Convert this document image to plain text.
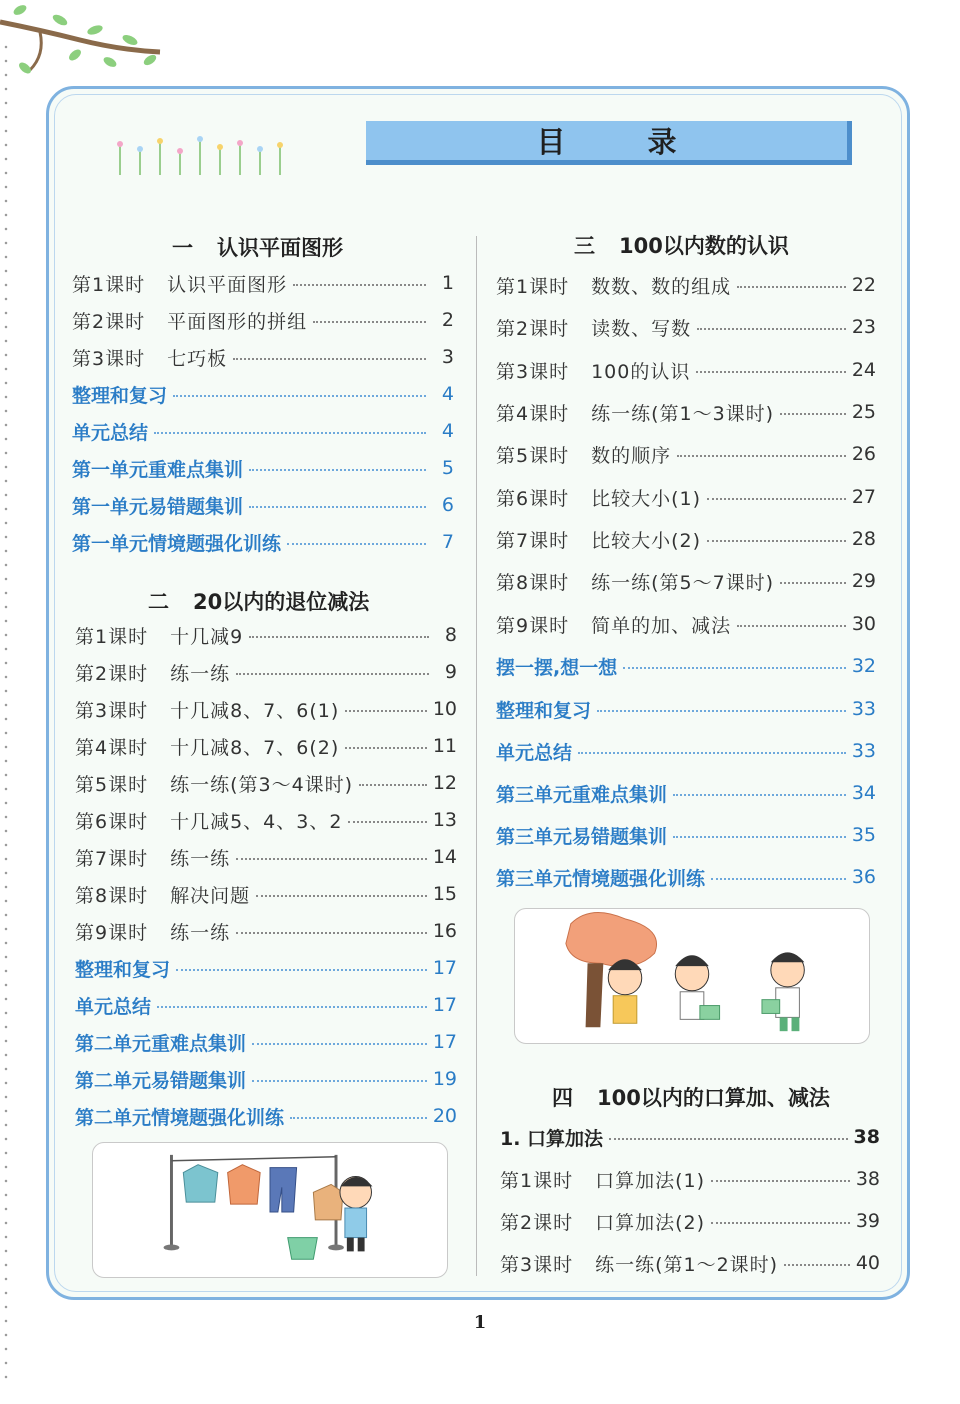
目 录
一 认识平面图形
二 20以内的退位减法
三 100以内数的认识
四 100以内的口算加、减法
第1课时 认识平面图形	1
第2课时 平面图形的拼组	2
第3课时 七巧板	3
整理和复习	4
单元总结	4
第一单元重难点集训	5
第一单元易错题集训	6
第一单元情境题强化训练	7
第1课时 十几减9	8
第2课时 练一练	9
第3课时 十几减8、7、6(1)	10
第4课时 十几减8、7、6(2)	11
第5课时 练一练(第3～4课时)	12
第6课时 十几减5、4、3、2	13
第7课时 练一练	14
第8课时 解决问题	15
第9课时 练一练	16
整理和复习	17
单元总结	17
第二单元重难点集训	17
第二单元易错题集训	19
第二单元情境题强化训练	20
第1课时 数数、数的组成	22
第2课时 读数、写数	23
第3课时 100的认识	24
第4课时 练一练(第1～3课时)	25
第5课时 数的顺序	26
第6课时 比较大小(1)	27
第7课时 比较大小(2)	28
第8课时 练一练(第5～7课时)	29
第9课时 简单的加、减法	30
摆一摆,想一想	32
整理和复习	33
单元总结	33
第三单元重难点集训	34
第三单元易错题集训	35
第三单元情境题强化训练	36
1. 口算加法	38
第1课时 口算加法(1)	38
第2课时 口算加法(2)	39
第3课时 练一练(第1～2课时)	40
1
